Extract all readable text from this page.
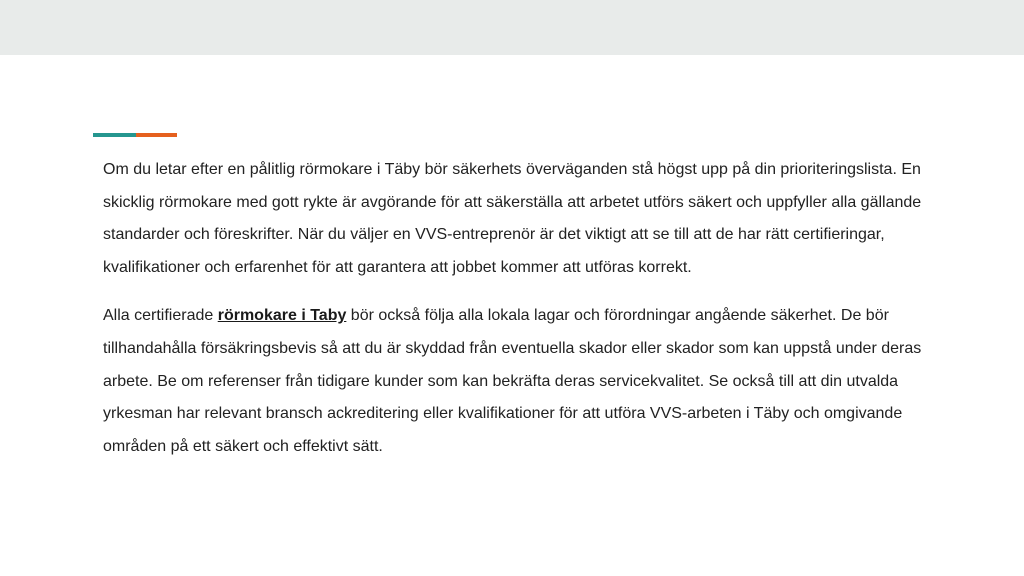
Om du letar efter en pålitlig rörmokare i Täby bör säkerhets överväganden stå högst upp på din prioriteringslista. En skicklig rörmokare med gott rykte är avgörande för att säkerställa att arbetet utförs säkert och uppfyller alla gällande standarder och föreskrifter. När du väljer en VVS-entreprenör är det viktigt att se till att de har rätt certifieringar, kvalifikationer och erfarenhet för att garantera att jobbet kommer att utföras korrekt.

Alla certifierade rörmokare i Taby bör också följa alla lokala lagar och förordningar angående säkerhet. De bör tillhandahålla försäkringsbevis så att du är skyddad från eventuella skador eller skador som kan uppstå under deras arbete. Be om referenser från tidigare kunder som kan bekräfta deras servicekvalitet. Se också till att din utvalda yrkesman har relevant bransch ackreditering eller kvalifikationer för att utföra VVS-arbeten i Täby och omgivande områden på ett säkert och effektivt sätt.
